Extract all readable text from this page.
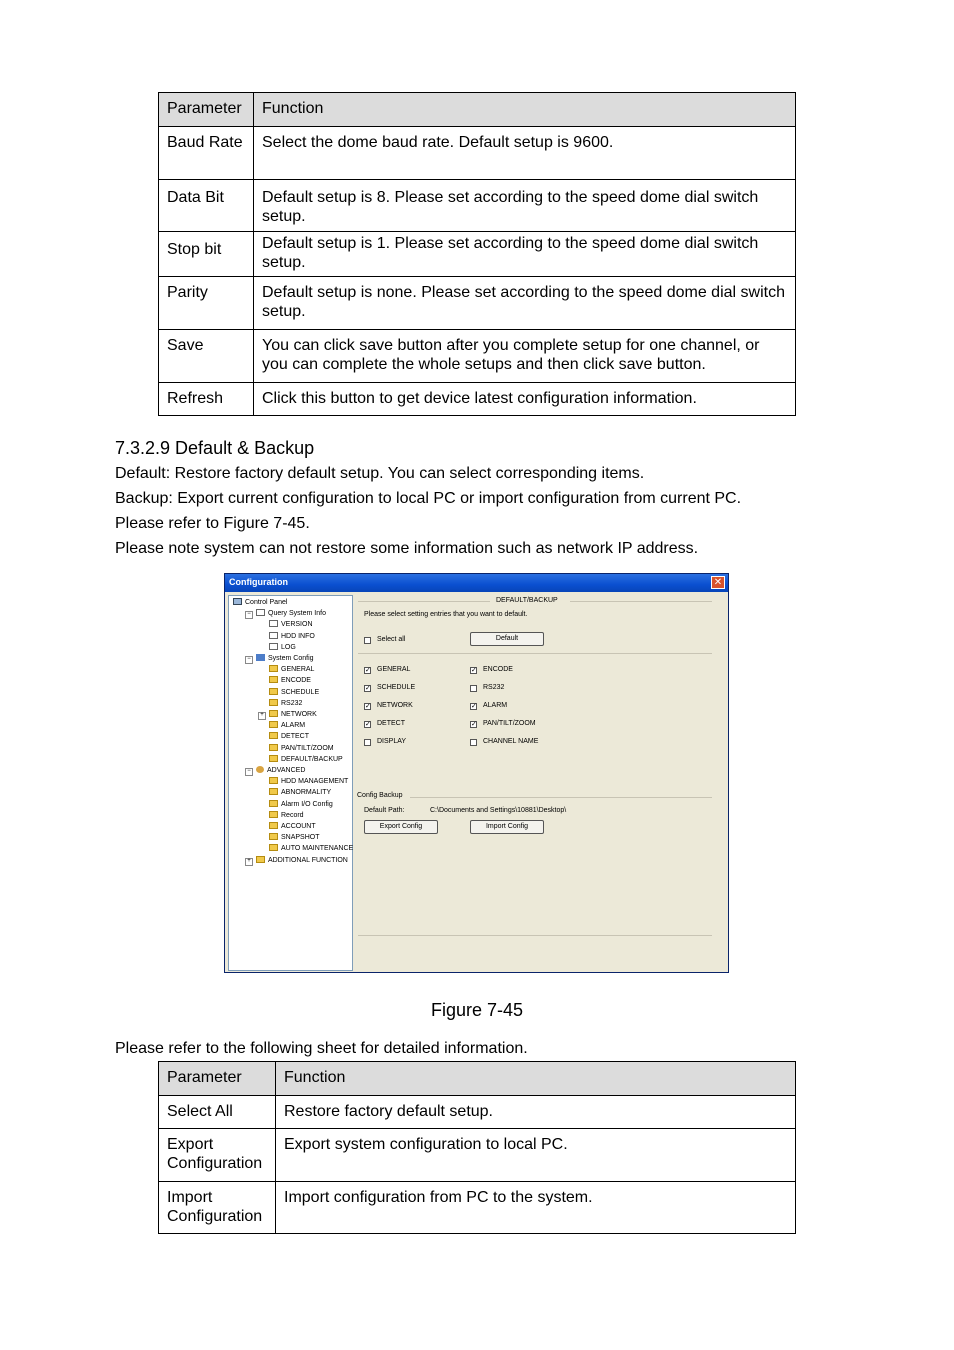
Parameter	Function
Baud Rate	Select the dome baud rate. Default setup is 9600.
Data Bit	Default setup is 8. Please set according to the speed dome dial switch setup.
Stop bit	Default setup is 1. Please set according to the speed dome dial switch setup.
Parity	Default setup is none. Please set according to the speed dome dial switch setup.
Save	You can click save button after you complete setup for one channel, or you can complete the whole setups and then click save button.
Refresh	Click this button to get device latest configuration information.
7.3.2.9 Default & Backup
Default: Restore factory default setup. You can select corresponding items.
Backup: Export current configuration to local PC or import configuration from current PC.
Please refer to Figure 7-45.
Please note system can not restore some information such as network IP address.
Configuration	✕
Control Panel
Query System Info
−
VERSION
HDD INFO
LOG
System Config
−
GENERAL
ENCODE
SCHEDULE
RS232
NETWORK
+
ALARM
DETECT
PAN/TILT/ZOOM
DEFAULT/BACKUP
ADVANCED
−
HDD MANAGEMENT
ABNORMALITY
Alarm I/O Config
Record
ACCOUNT
SNAPSHOT
AUTO MAINTENANCE
ADDITIONAL FUNCTION
+
DEFAULT/BACKUP
Please select setting entries that you want to default.
Select all	Default
✓ GENERAL	✓ ENCODE
✓ SCHEDULE	RS232
✓ NETWORK	✓ ALARM
✓ DETECT	✓ PAN/TILT/ZOOM
DISPLAY	CHANNEL NAME
Config Backup
Default Path:	C:\Documents and Settings\10881\Desktop\
Export Config	Import Config
Figure 7-45
Please refer to the following sheet for detailed information.
Parameter	Function
Select All	Restore factory default setup.
Export Configuration	Export system configuration to local PC.
Import Configuration	Import configuration from PC to the system.
